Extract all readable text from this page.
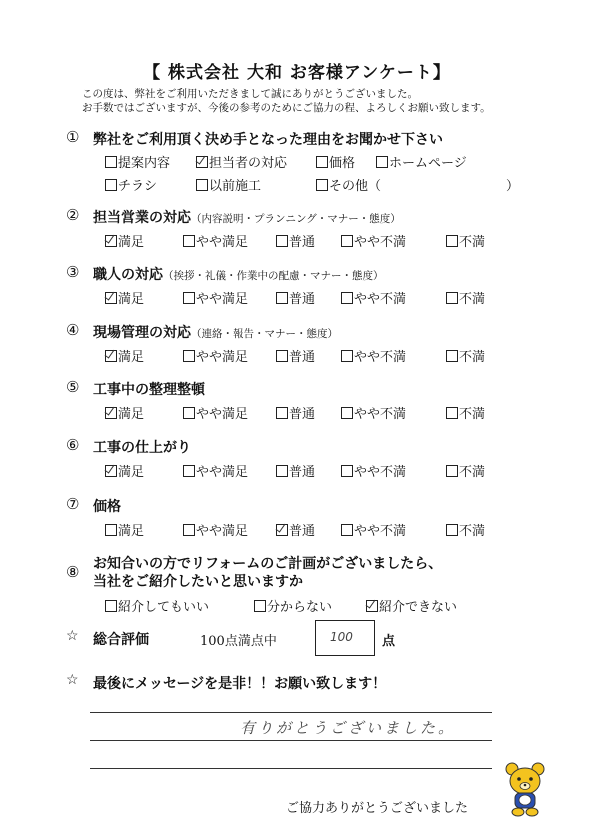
【 株式会社 大和 お客様アンケート】
この度は、弊社をご利用いただきまして誠にありがとうございました。
お手数ではございますが、今後の参考のためにご協力の程、よろしくお願い致します。
① 弊社をご利用頂く決め手となった理由をお聞かせ下さい
提案内容	担当者の対応	価格	ホームページ
チラシ	以前施工	その他（	）
② 担当営業の対応（内容説明・プランニング・マナー・態度）
満足	やや満足	普通	やや不満	不満
③ 職人の対応（挨拶・礼儀・作業中の配慮・マナー・態度）
満足	やや満足	普通	やや不満	不満
④ 現場管理の対応（連絡・報告・マナー・態度）
満足	やや満足	普通	やや不満	不満
⑤ 工事中の整理整頓
満足	やや満足	普通	やや不満	不満
⑥ 工事の仕上がり
満足	やや満足	普通	やや不満	不満
⑦ 価格
満足	やや満足	普通	やや不満	不満
⑧ お知合いの方でリフォームのご計画がございましたら、
当社をご紹介したいと思いますか
紹介してもいい	分からない	紹介できない
☆ 総合評価	100点満点中	100 点
☆ 最後にメッセージを是非！！お願い致します！
有りがとうございました。
ご協力ありがとうございました
